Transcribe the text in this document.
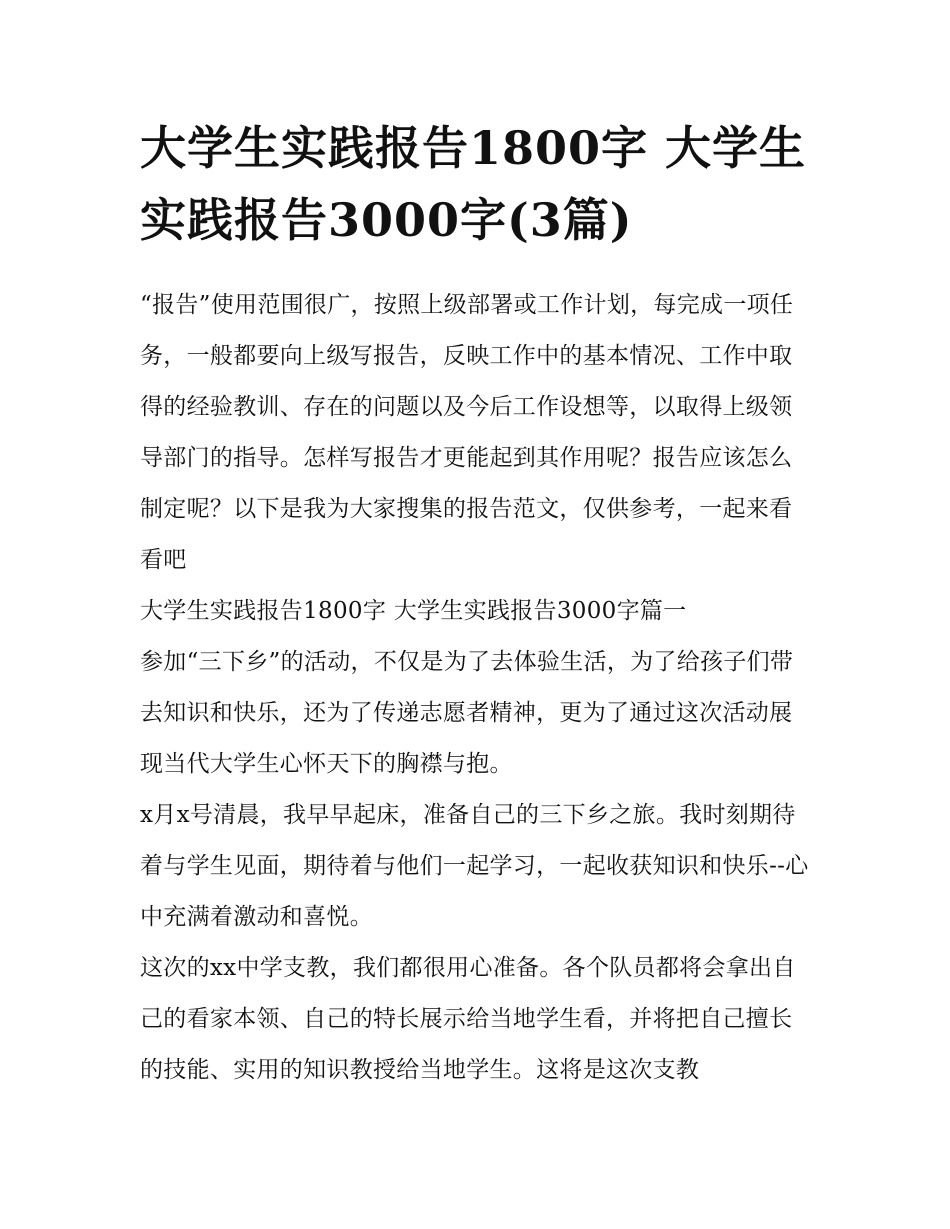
大学生实践报告1800字 大学生实践报告3000字(3篇)

“报告”使用范围很广，按照上级部署或工作计划，每完成一项任务，一般都要向上级写报告，反映工作中的基本情况、工作中取得的经验教训、存在的问题以及今后工作设想等，以取得上级领导部门的指导。怎样写报告才更能起到其作用呢？报告应该怎么制定呢？以下是我为大家搜集的报告范文，仅供参考，一起来看看吧

大学生实践报告1800字 大学生实践报告3000字篇一

参加“三下乡”的活动，不仅是为了去体验生活，为了给孩子们带去知识和快乐，还为了传递志愿者精神，更为了通过这次活动展现当代大学生心怀天下的胸襟与抱。

x月x号清晨，我早早起床，准备自己的三下乡之旅。我时刻期待着与学生见面，期待着与他们一起学习，一起收获知识和快乐--心中充满着激动和喜悦。

这次的xx中学支教，我们都很用心准备。各个队员都将会拿出自己的看家本领、自己的特长展示给当地学生看，并将把自己擅长的技能、实用的知识教授给当地学生。这将是这次支教
